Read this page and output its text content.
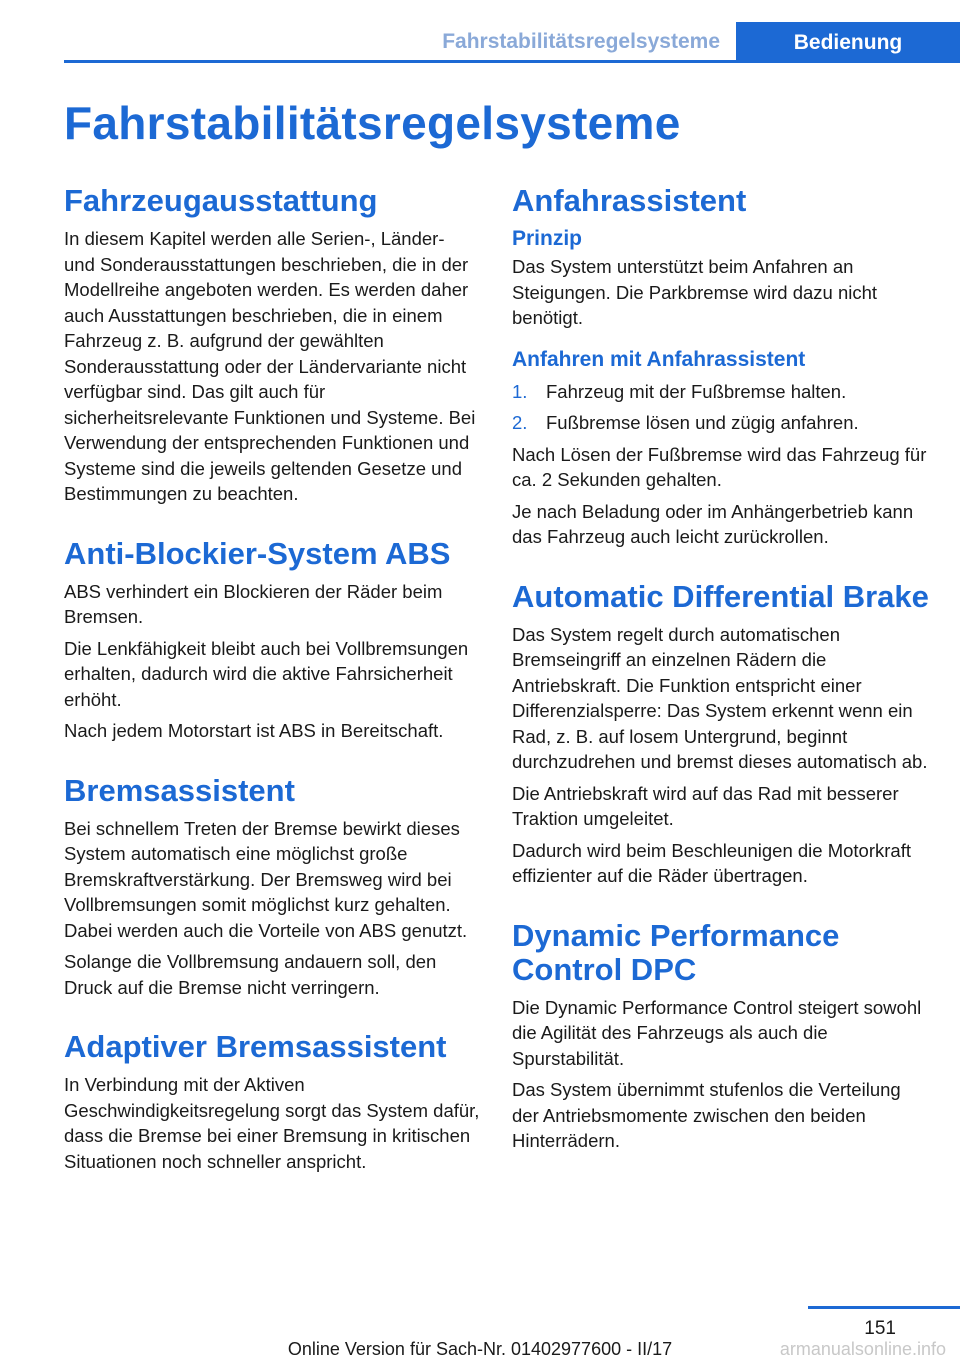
Fahrstabilitätsregelsysteme	Bedienung
Fahrstabilitätsregelsysteme
Fahrzeugausstattung

In diesem Kapitel werden alle Serien-, Länder- und Sonderausstattungen beschrieben, die in der Modellreihe angeboten werden. Es werden daher auch Ausstattungen beschrieben, die in einem Fahrzeug z. B. aufgrund der gewählten Sonderausstattung oder der Ländervariante nicht verfügbar sind. Das gilt auch für sicherheitsrelevante Funktionen und Systeme. Bei Verwendung der entsprechenden Funktionen und Systeme sind die jeweils geltenden Gesetze und Bestimmungen zu beachten.

Anti-Blockier-System ABS

ABS verhindert ein Blockieren der Räder beim Bremsen.

Die Lenkfähigkeit bleibt auch bei Vollbremsungen erhalten, dadurch wird die aktive Fahrsicherheit erhöht.

Nach jedem Motorstart ist ABS in Bereitschaft.

Bremsassistent

Bei schnellem Treten der Bremse bewirkt dieses System automatisch eine möglichst große Bremskraftverstärkung. Der Bremsweg wird bei Vollbremsungen somit möglichst kurz gehalten. Dabei werden auch die Vorteile von ABS genutzt.

Solange die Vollbremsung andauern soll, den Druck auf die Bremse nicht verringern.

Adaptiver Bremsassistent

In Verbindung mit der Aktiven Geschwindigkeitsregelung sorgt das System dafür, dass die Bremse bei einer Bremsung in kritischen Situationen noch schneller anspricht.

Anfahrassistent
Prinzip

Das System unterstützt beim Anfahren an Steigungen. Die Parkbremse wird dazu nicht benötigt.

Anfahren mit Anfahrassistent
1.	Fahrzeug mit der Fußbremse halten.
2.	Fußbremse lösen und zügig anfahren.

Nach Lösen der Fußbremse wird das Fahrzeug für ca. 2 Sekunden gehalten.

Je nach Beladung oder im Anhängerbetrieb kann das Fahrzeug auch leicht zurückrollen.

Automatic Differential Brake

Das System regelt durch automatischen Bremseingriff an einzelnen Rädern die Antriebskraft. Die Funktion entspricht einer Differenzialsperre: Das System erkennt wenn ein Rad, z. B. auf losem Untergrund, beginnt durchzudrehen und bremst dieses automatisch ab.

Die Antriebskraft wird auf das Rad mit besserer Traktion umgeleitet.

Dadurch wird beim Beschleunigen die Motorkraft effizienter auf die Räder übertragen.

Dynamic Performance Control DPC

Die Dynamic Performance Control steigert sowohl die Agilität des Fahrzeugs als auch die Spurstabilität.

Das System übernimmt stufenlos die Verteilung der Antriebsmomente zwischen den beiden Hinterrädern.

151
Online Version für Sach-Nr. 01402977600 - II/17	armanualsonline.info
